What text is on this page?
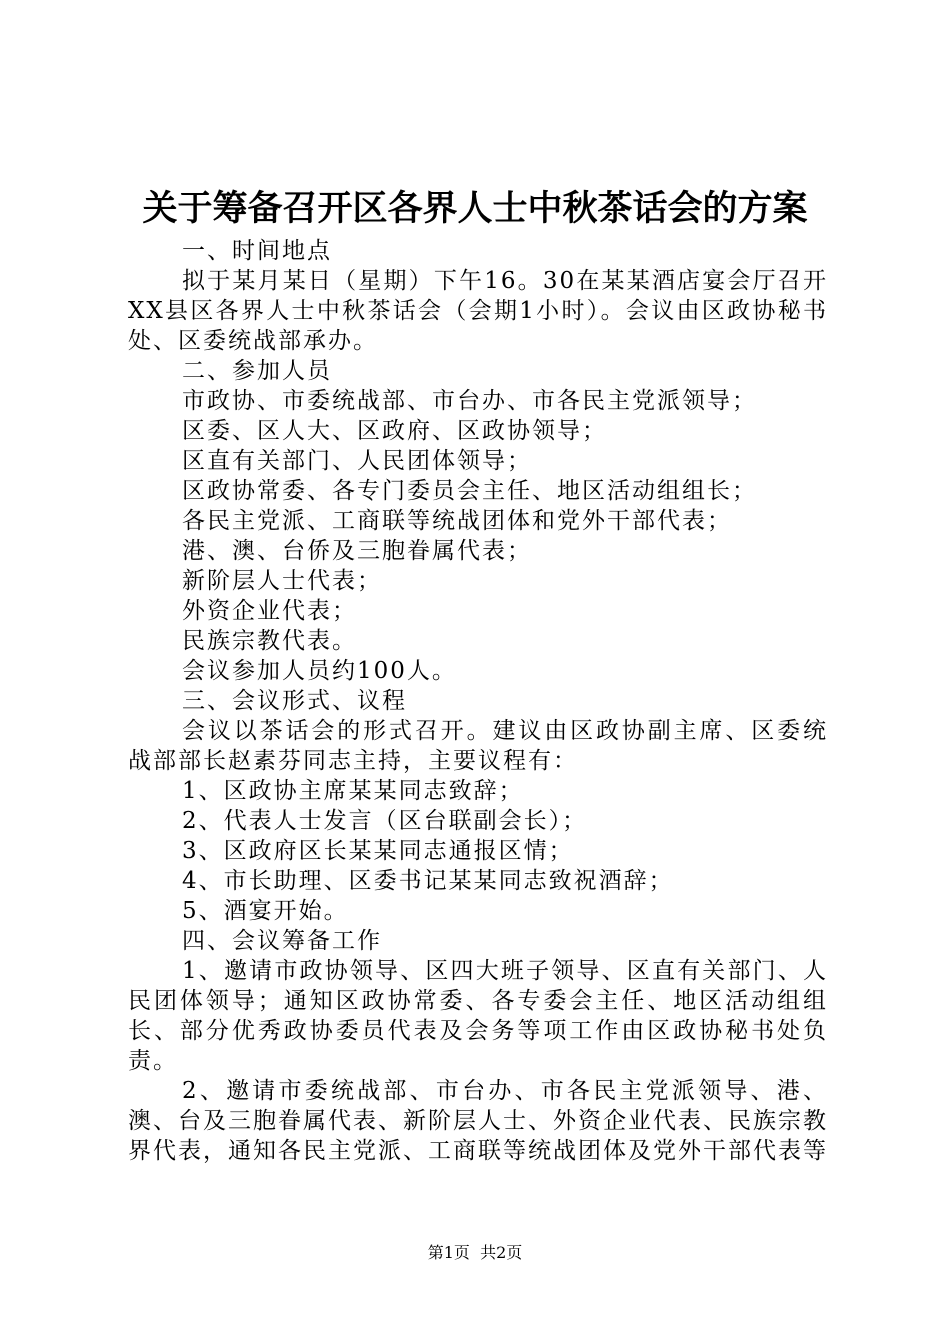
关于筹备召开区各界人士中秋茶话会的方案

一、时间地点

拟于某月某日（星期）下午16。30在某某酒店宴会厅召开XX县区各界人士中秋茶话会（会期1小时）。会议由区政协秘书处、区委统战部承办。

二、参加人员

市政协、市委统战部、市台办、市各民主党派领导；

区委、区人大、区政府、区政协领导；

区直有关部门、人民团体领导；

区政协常委、各专门委员会主任、地区活动组组长；

各民主党派、工商联等统战团体和党外干部代表；

港、澳、台侨及三胞眷属代表；

新阶层人士代表；

外资企业代表；

民族宗教代表。

会议参加人员约100人。

三、会议形式、议程

会议以茶话会的形式召开。建议由区政协副主席、区委统战部部长赵素芬同志主持，主要议程有：

1、区政协主席某某同志致辞；

2、代表人士发言（区台联副会长）；

3、区政府区长某某同志通报区情；

4、市长助理、区委书记某某同志致祝酒辞；

5、酒宴开始。

四、会议筹备工作

1、邀请市政协领导、区四大班子领导、区直有关部门、人民团体领导；通知区政协常委、各专委会主任、地区活动组组长、部分优秀政协委员代表及会务等项工作由区政协秘书处负责。

2、邀请市委统战部、市台办、市各民主党派领导、港、澳、台及三胞眷属代表、新阶层人士、外资企业代表、民族宗教界代表，通知各民主党派、工商联等统战团体及党外干部代表等

第1页  共2页
